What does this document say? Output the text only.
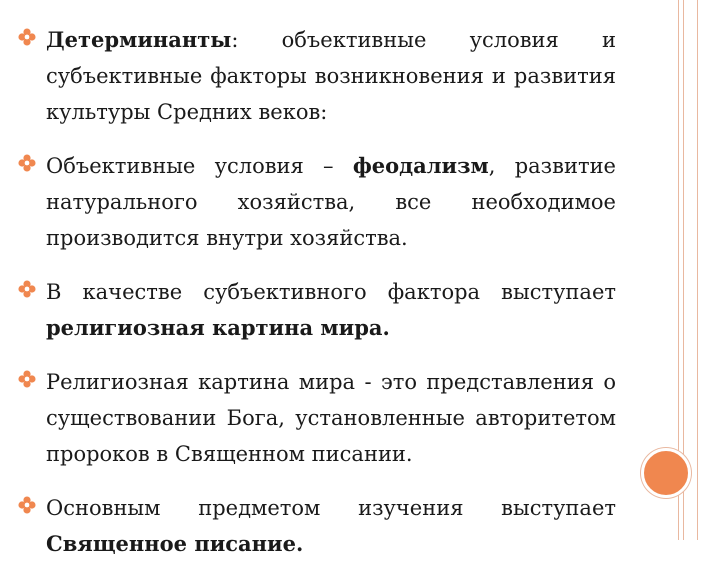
Детерминанты: объективные условия и субъективные факторы возникновения и развития культуры Средних веков:

Объективные условия – феодализм, развитие натурального хозяйства, все необходимое производится внутри хозяйства.

В качестве субъективного фактора выступает религиозная картина мира.

Религиозная картина мира - это представления о существовании Бога, установленные авторитетом пророков в Священном писании.

Основным предметом изучения выступает Священное писание.
